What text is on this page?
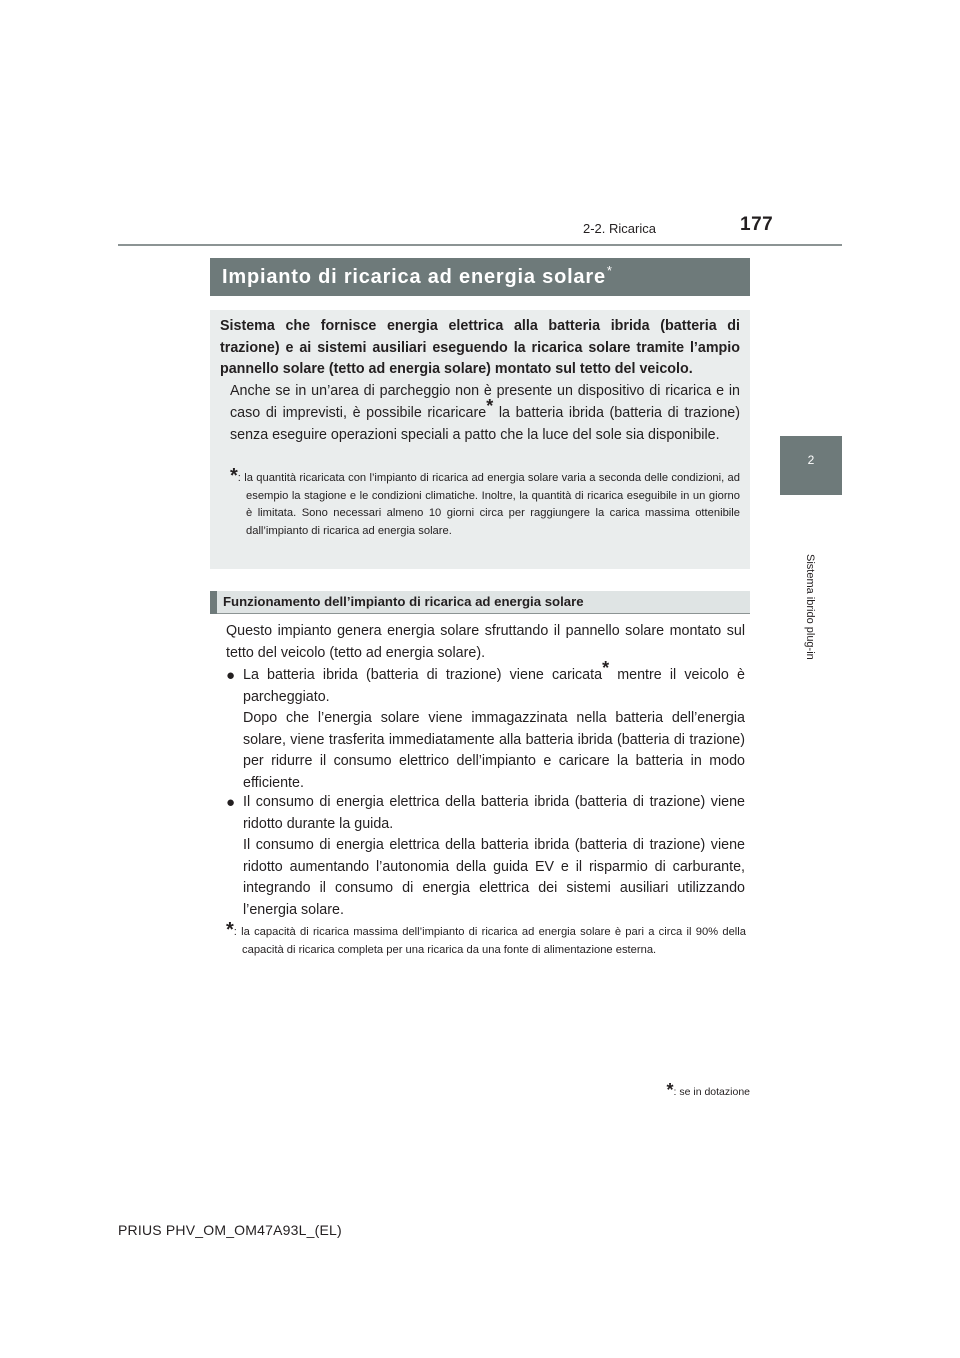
2-2. Ricarica	177
2
Sistema ibrido plug-in
Impianto di ricarica ad energia solare*
Sistema che fornisce energia elettrica alla batteria ibrida (batteria di trazione) e ai sistemi ausiliari eseguendo la ricarica solare tramite l’ampio pannello solare (tetto ad energia solare) montato sul tetto del veicolo.
Anche se in un’area di parcheggio non è presente un dispositivo di ricarica e in caso di imprevisti, è possibile ricaricare* la batteria ibrida (batteria di trazione) senza eseguire operazioni speciali a patto che la luce del sole sia disponibile.
*: la quantità ricaricata con l’impianto di ricarica ad energia solare varia a seconda delle condizioni, ad esempio la stagione e le condizioni climatiche. Inoltre, la quantità di ricarica eseguibile in un giorno è limitata. Sono necessari almeno 10 giorni circa per raggiungere la carica massima ottenibile dall’impianto di ricarica ad energia solare.
Funzionamento dell’impianto di ricarica ad energia solare
Questo impianto genera energia solare sfruttando il pannello solare montato sul tetto del veicolo (tetto ad energia solare).
● La batteria ibrida (batteria di trazione) viene caricata* mentre il veicolo è parcheggiato.
Dopo che l’energia solare viene immagazzinata nella batteria dell’energia solare, viene trasferita immediatamente alla batteria ibrida (batteria di trazione) per ridurre il consumo elettrico dell’impianto e caricare la batteria in modo efficiente.
● Il consumo di energia elettrica della batteria ibrida (batteria di trazione) viene ridotto durante la guida.
Il consumo di energia elettrica della batteria ibrida (batteria di trazione) viene ridotto aumentando l’autonomia della guida EV e il risparmio di carburante, integrando il consumo di energia elettrica dei sistemi ausiliari utilizzando l’energia solare.
*: la capacità di ricarica massima dell’impianto di ricarica ad energia solare è pari a circa il 90% della capacità di ricarica completa per una ricarica da una fonte di alimentazione esterna.
*: se in dotazione
PRIUS PHV_OM_OM47A93L_(EL)
